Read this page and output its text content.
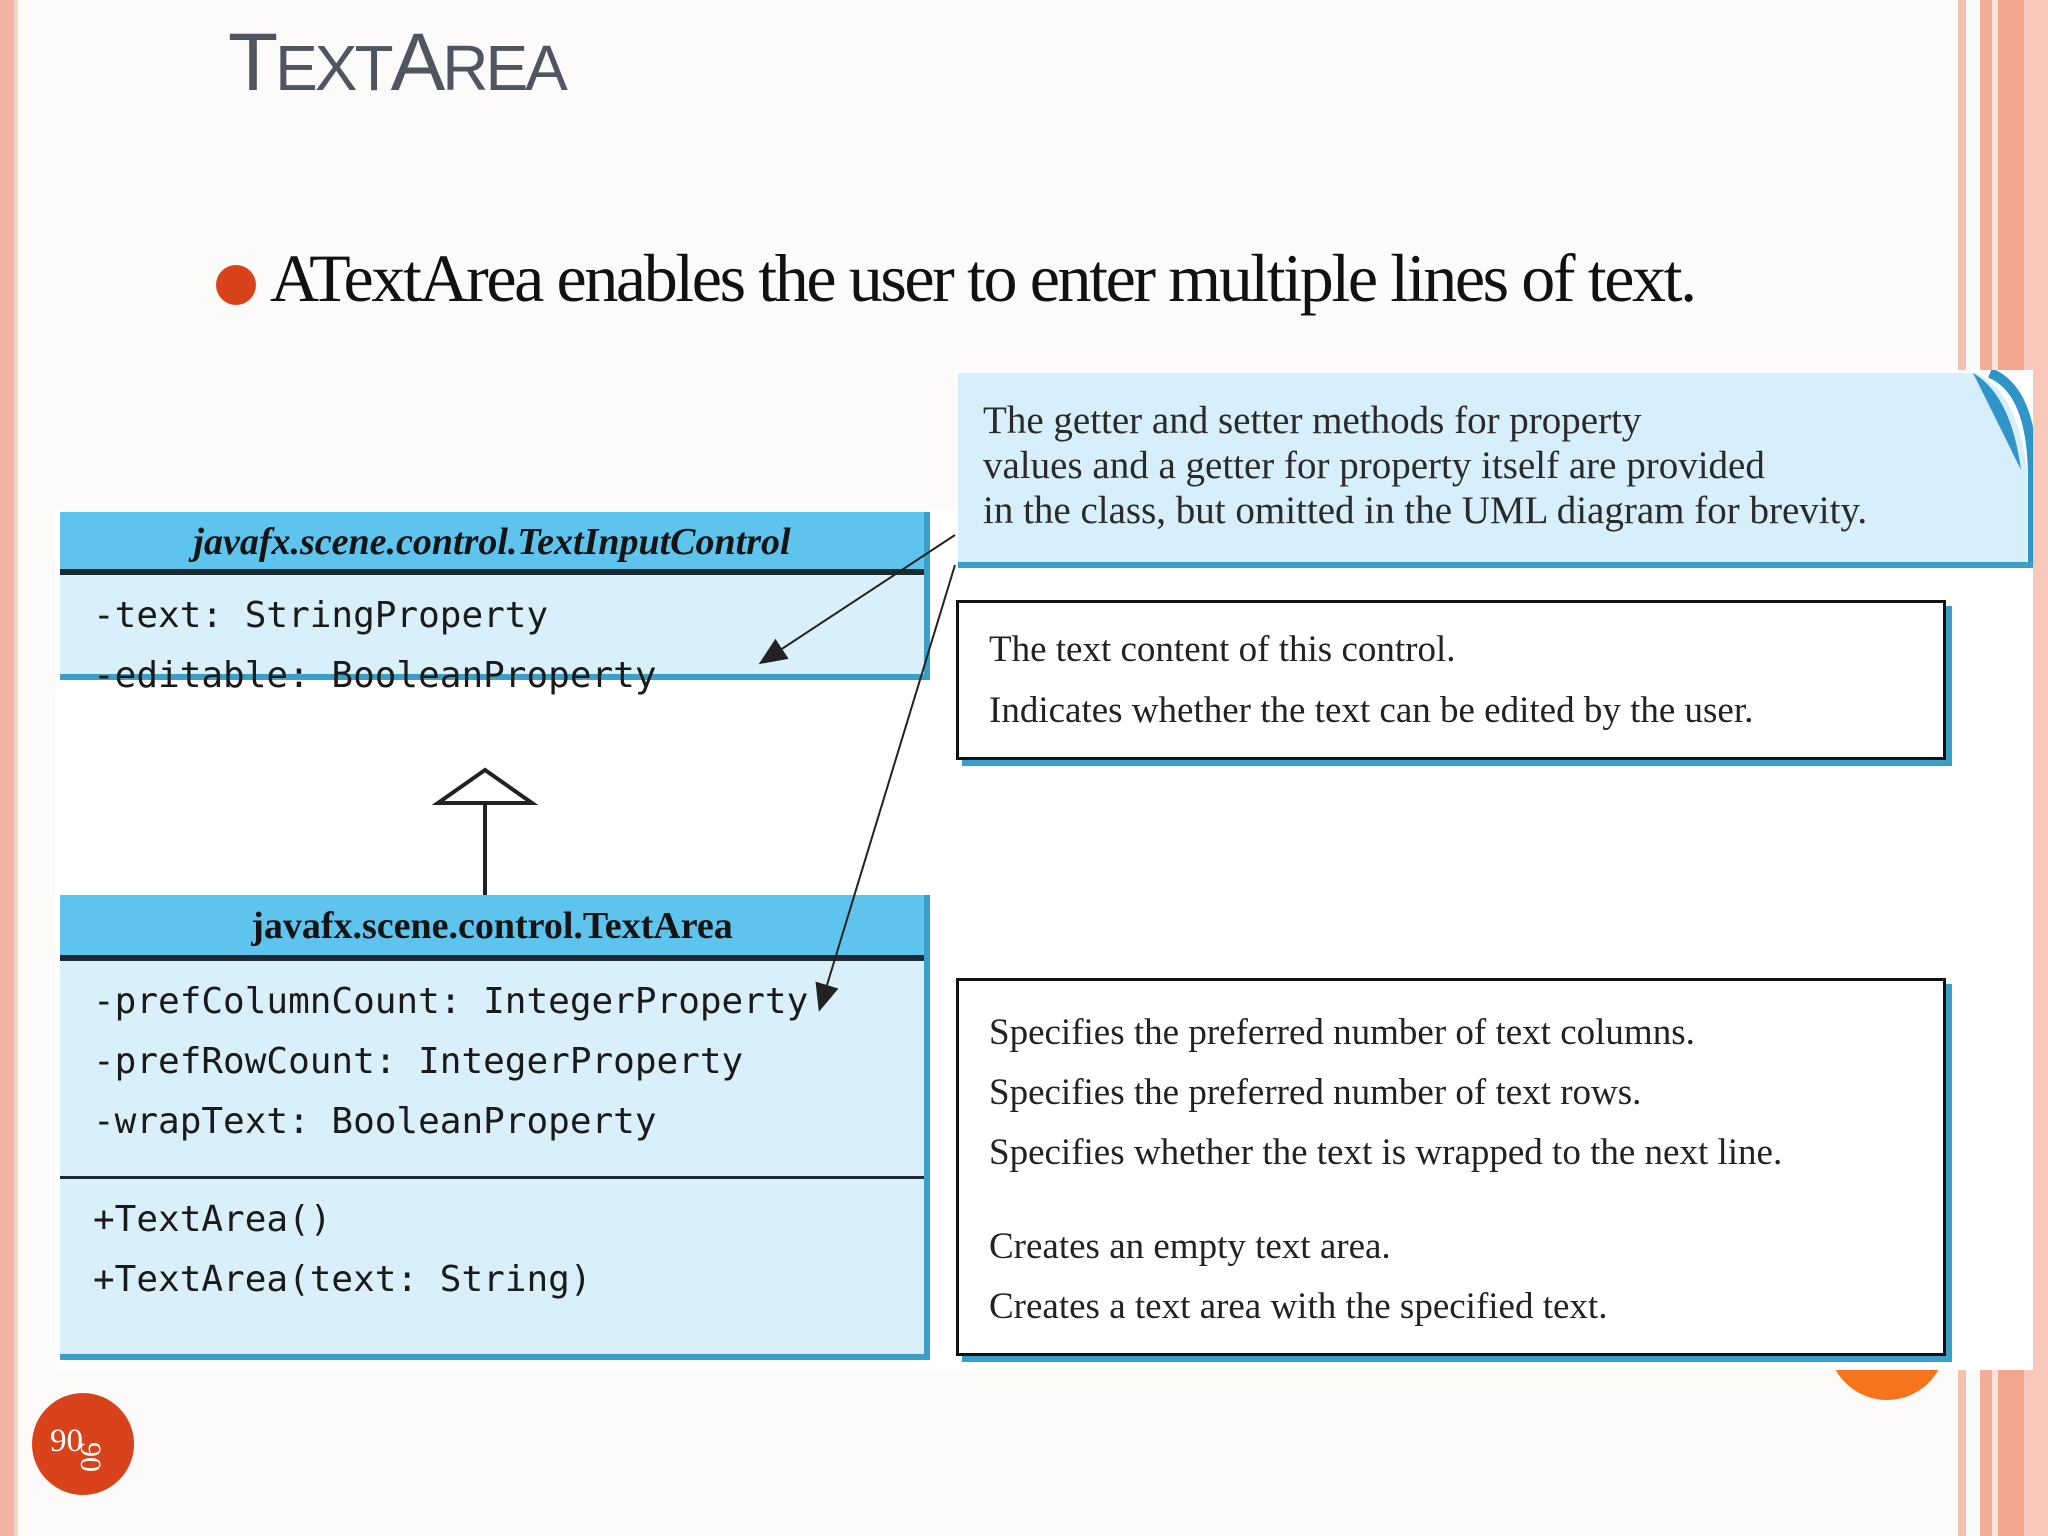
TEXTAREA

ATextArea enables the user to enter multiple lines of text.

The getter and setter methods for property
values and a getter for property itself are provided
in the class, but omitted in the UML diagram for brevity.
javafx.scene.control.TextInputControl
-text: StringProperty
-editable: BooleanProperty
javafx.scene.control.TextArea
-prefColumnCount: IntegerProperty
-prefRowCount: IntegerProperty
-wrapText: BooleanProperty
+TextArea()
+TextArea(text: String)
The text content of this control.
Indicates whether the text can be edited by the user.
Specifies the preferred number of text columns.
Specifies the preferred number of text rows.
Specifies whether the text is wrapped to the next line.
Creates an empty text area.
Creates a text area with the specified text.
90
90
